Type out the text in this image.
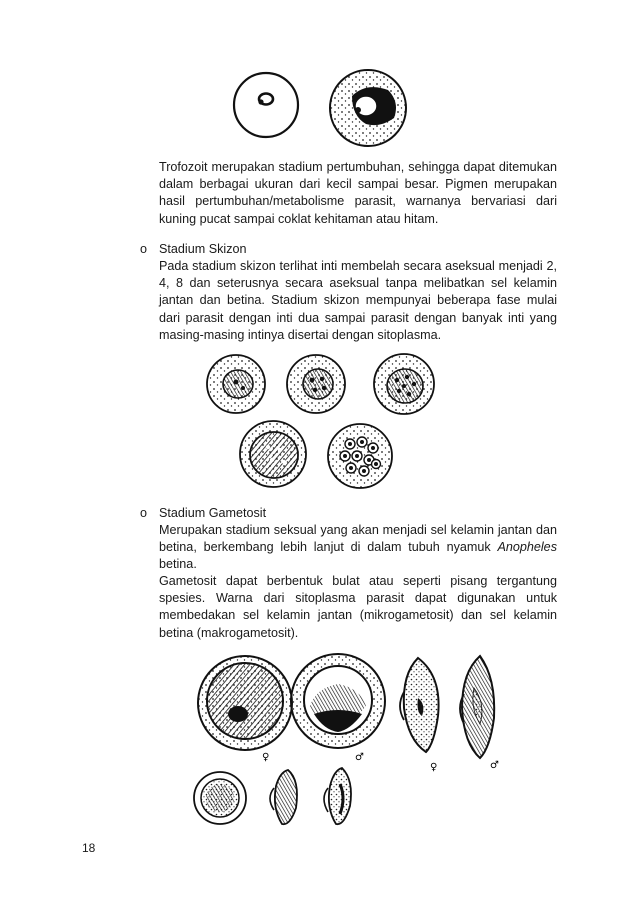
Trofozoit merupakan stadium pertumbuhan, sehingga dapat ditemukan dalam berbagai ukuran dari kecil sampai besar. Pigmen merupakan hasil pertumbuhan/metabolisme parasit, warnanya bervariasi dari kuning pucat sampai coklat kehitaman atau hitam.

o Stadium Skizon

Pada stadium skizon terlihat inti membelah secara aseksual menjadi 2, 4, 8 dan seterusnya secara aseksual tanpa melibatkan sel kelamin jantan dan betina. Stadium skizon mempunyai beberapa fase mulai dari parasit dengan inti dua sampai parasit dengan banyak inti yang masing-masing intinya disertai dengan sitoplasma.

o Stadium Gametosit

Merupakan stadium seksual yang akan menjadi sel kelamin jantan dan betina, berkembang lebih lanjut di dalam tubuh nyamuk Anopheles betina.

Gametosit dapat berbentuk bulat atau seperti pisang tergantung spesies. Warna dari sitoplasma parasit dapat digunakan untuk membedakan sel kelamin jantan (mikrogametosit) dan sel kelamin betina (makrogametosit).

♀	♂
♀	♂
18
